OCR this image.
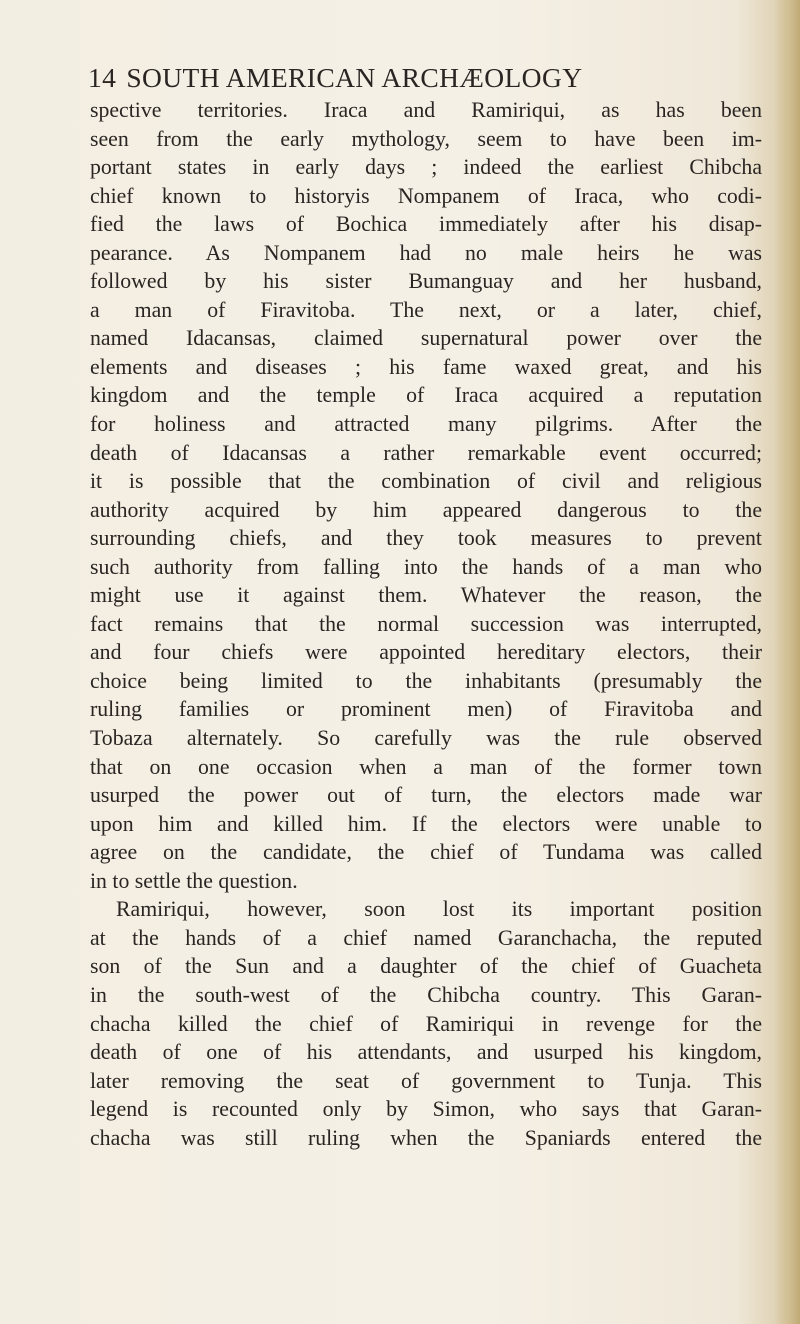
14 SOUTH AMERICAN ARCHÆOLOGY
spective territories. Iraca and Ramiriqui, as has been
seen from the early mythology, seem to have been im-
portant states in early days ; indeed the earliest Chibcha
chief known to historyis Nompanem of Iraca, who codi-
fied the laws of Bochica immediately after his disap-
pearance. As Nompanem had no male heirs he was
followed by his sister Bumanguay and her husband,
a man of Firavitoba. The next, or a later, chief,
named Idacansas, claimed supernatural power over the
elements and diseases ; his fame waxed great, and his
kingdom and the temple of Iraca acquired a reputation
for holiness and attracted many pilgrims. After the
death of Idacansas a rather remarkable event occurred;
it is possible that the combination of civil and religious
authority acquired by him appeared dangerous to the
surrounding chiefs, and they took measures to prevent
such authority from falling into the hands of a man who
might use it against them. Whatever the reason, the
fact remains that the normal succession was interrupted,
and four chiefs were appointed hereditary electors, their
choice being limited to the inhabitants (presumably the
ruling families or prominent men) of Firavitoba and
Tobaza alternately. So carefully was the rule observed
that on one occasion when a man of the former town
usurped the power out of turn, the electors made war
upon him and killed him. If the electors were unable to
agree on the candidate, the chief of Tundama was called
in to settle the question.
Ramiriqui, however, soon lost its important position
at the hands of a chief named Garanchacha, the reputed
son of the Sun and a daughter of the chief of Guacheta
in the south-west of the Chibcha country. This Garan-
chacha killed the chief of Ramiriqui in revenge for the
death of one of his attendants, and usurped his kingdom,
later removing the seat of government to Tunja. This
legend is recounted only by Simon, who says that Garan-
chacha was still ruling when the Spaniards entered the
